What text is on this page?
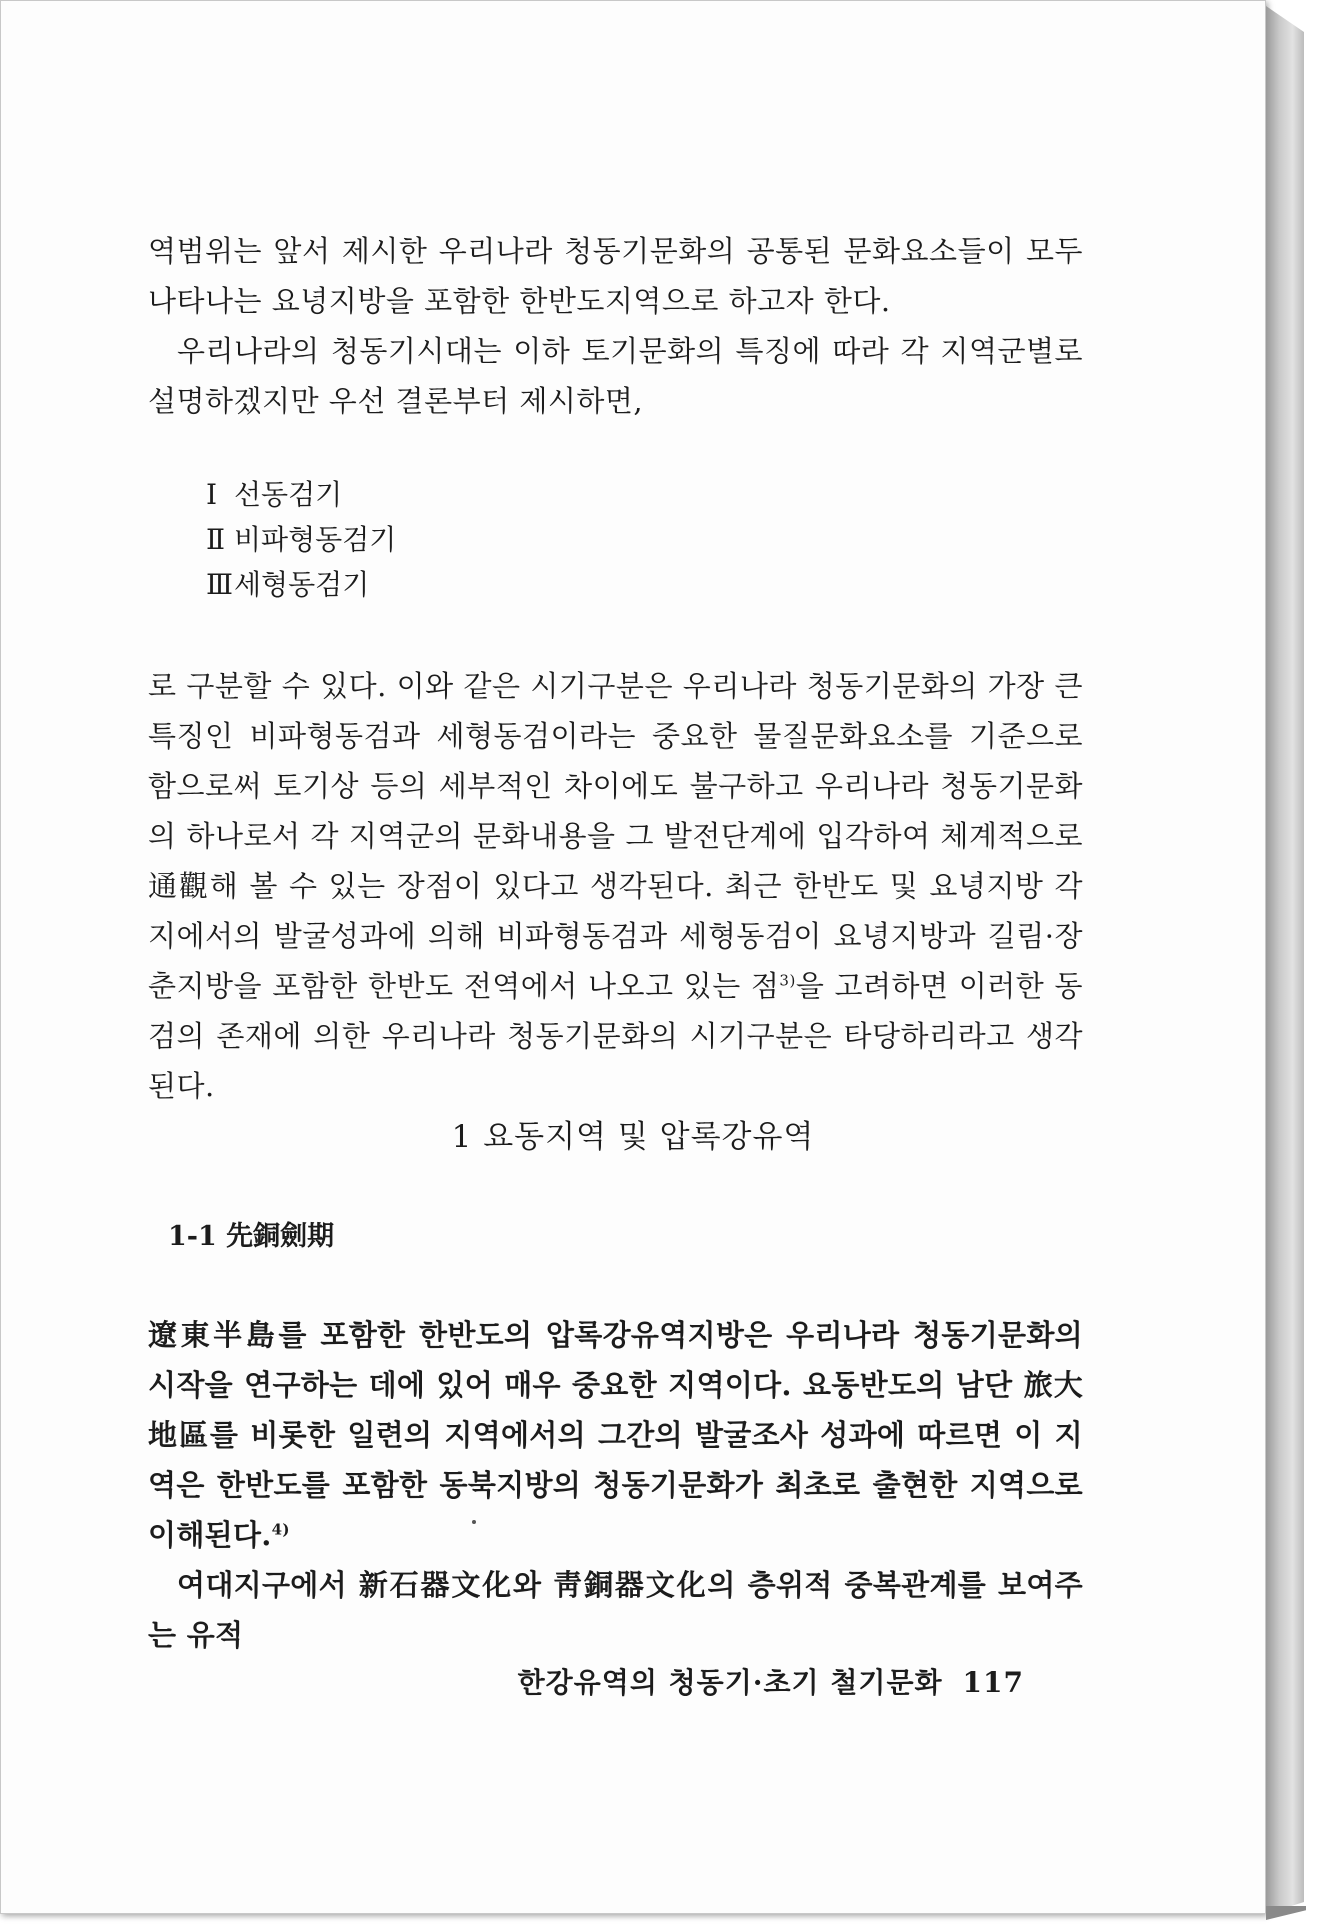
역범위는 앞서 제시한 우리나라 청동기문화의 공통된 문화요소들이 모두 나타나는 요녕지방을 포함한 한반도지역으로 하고자 한다.

우리나라의 청동기시대는 이하 토기문화의 특징에 따라 각 지역군별로 설명하겠지만 우선 결론부터 제시하면,

Ⅰ 선동검기
Ⅱ 비파형동검기
Ⅲ 세형동검기

로 구분할 수 있다. 이와 같은 시기구분은 우리나라 청동기문화의 가장 큰 특징인 비파형동검과 세형동검이라는 중요한 물질문화요소를 기준으로 함으로써 토기상 등의 세부적인 차이에도 불구하고 우리나라 청동기문화의 하나로서 각 지역군의 문화내용을 그 발전단계에 입각하여 체계적으로 通觀해 볼 수 있는 장점이 있다고 생각된다. 최근 한반도 및 요녕지방 각지에서의 발굴성과에 의해 비파형동검과 세형동검이 요녕지방과 길림·장춘지방을 포함한 한반도 전역에서 나오고 있는 점$^{3)}$을 고려하면 이러한 동검의 존재에 의한 우리나라 청동기문화의 시기구분은 타당하리라고 생각된다.

1 요동지역 및 압록강유역
1-1 先銅劍期

遼東半島를 포함한 한반도의 압록강유역지방은 우리나라 청동기문화의 시작을 연구하는 데에 있어 매우 중요한 지역이다. 요동반도의 남단 旅大地區를 비롯한 일련의 지역에서의 그간의 발굴조사 성과에 따르면 이 지역은 한반도를 포함한 동북지방의 청동기문화가 최초로 출현한 지역으로 이해된다.$^{4)}$

여대지구에서 新石器文化와 靑銅器文化의 층위적 중복관계를 보여주는 유적

한강유역의 청동기·초기 철기문화 117
